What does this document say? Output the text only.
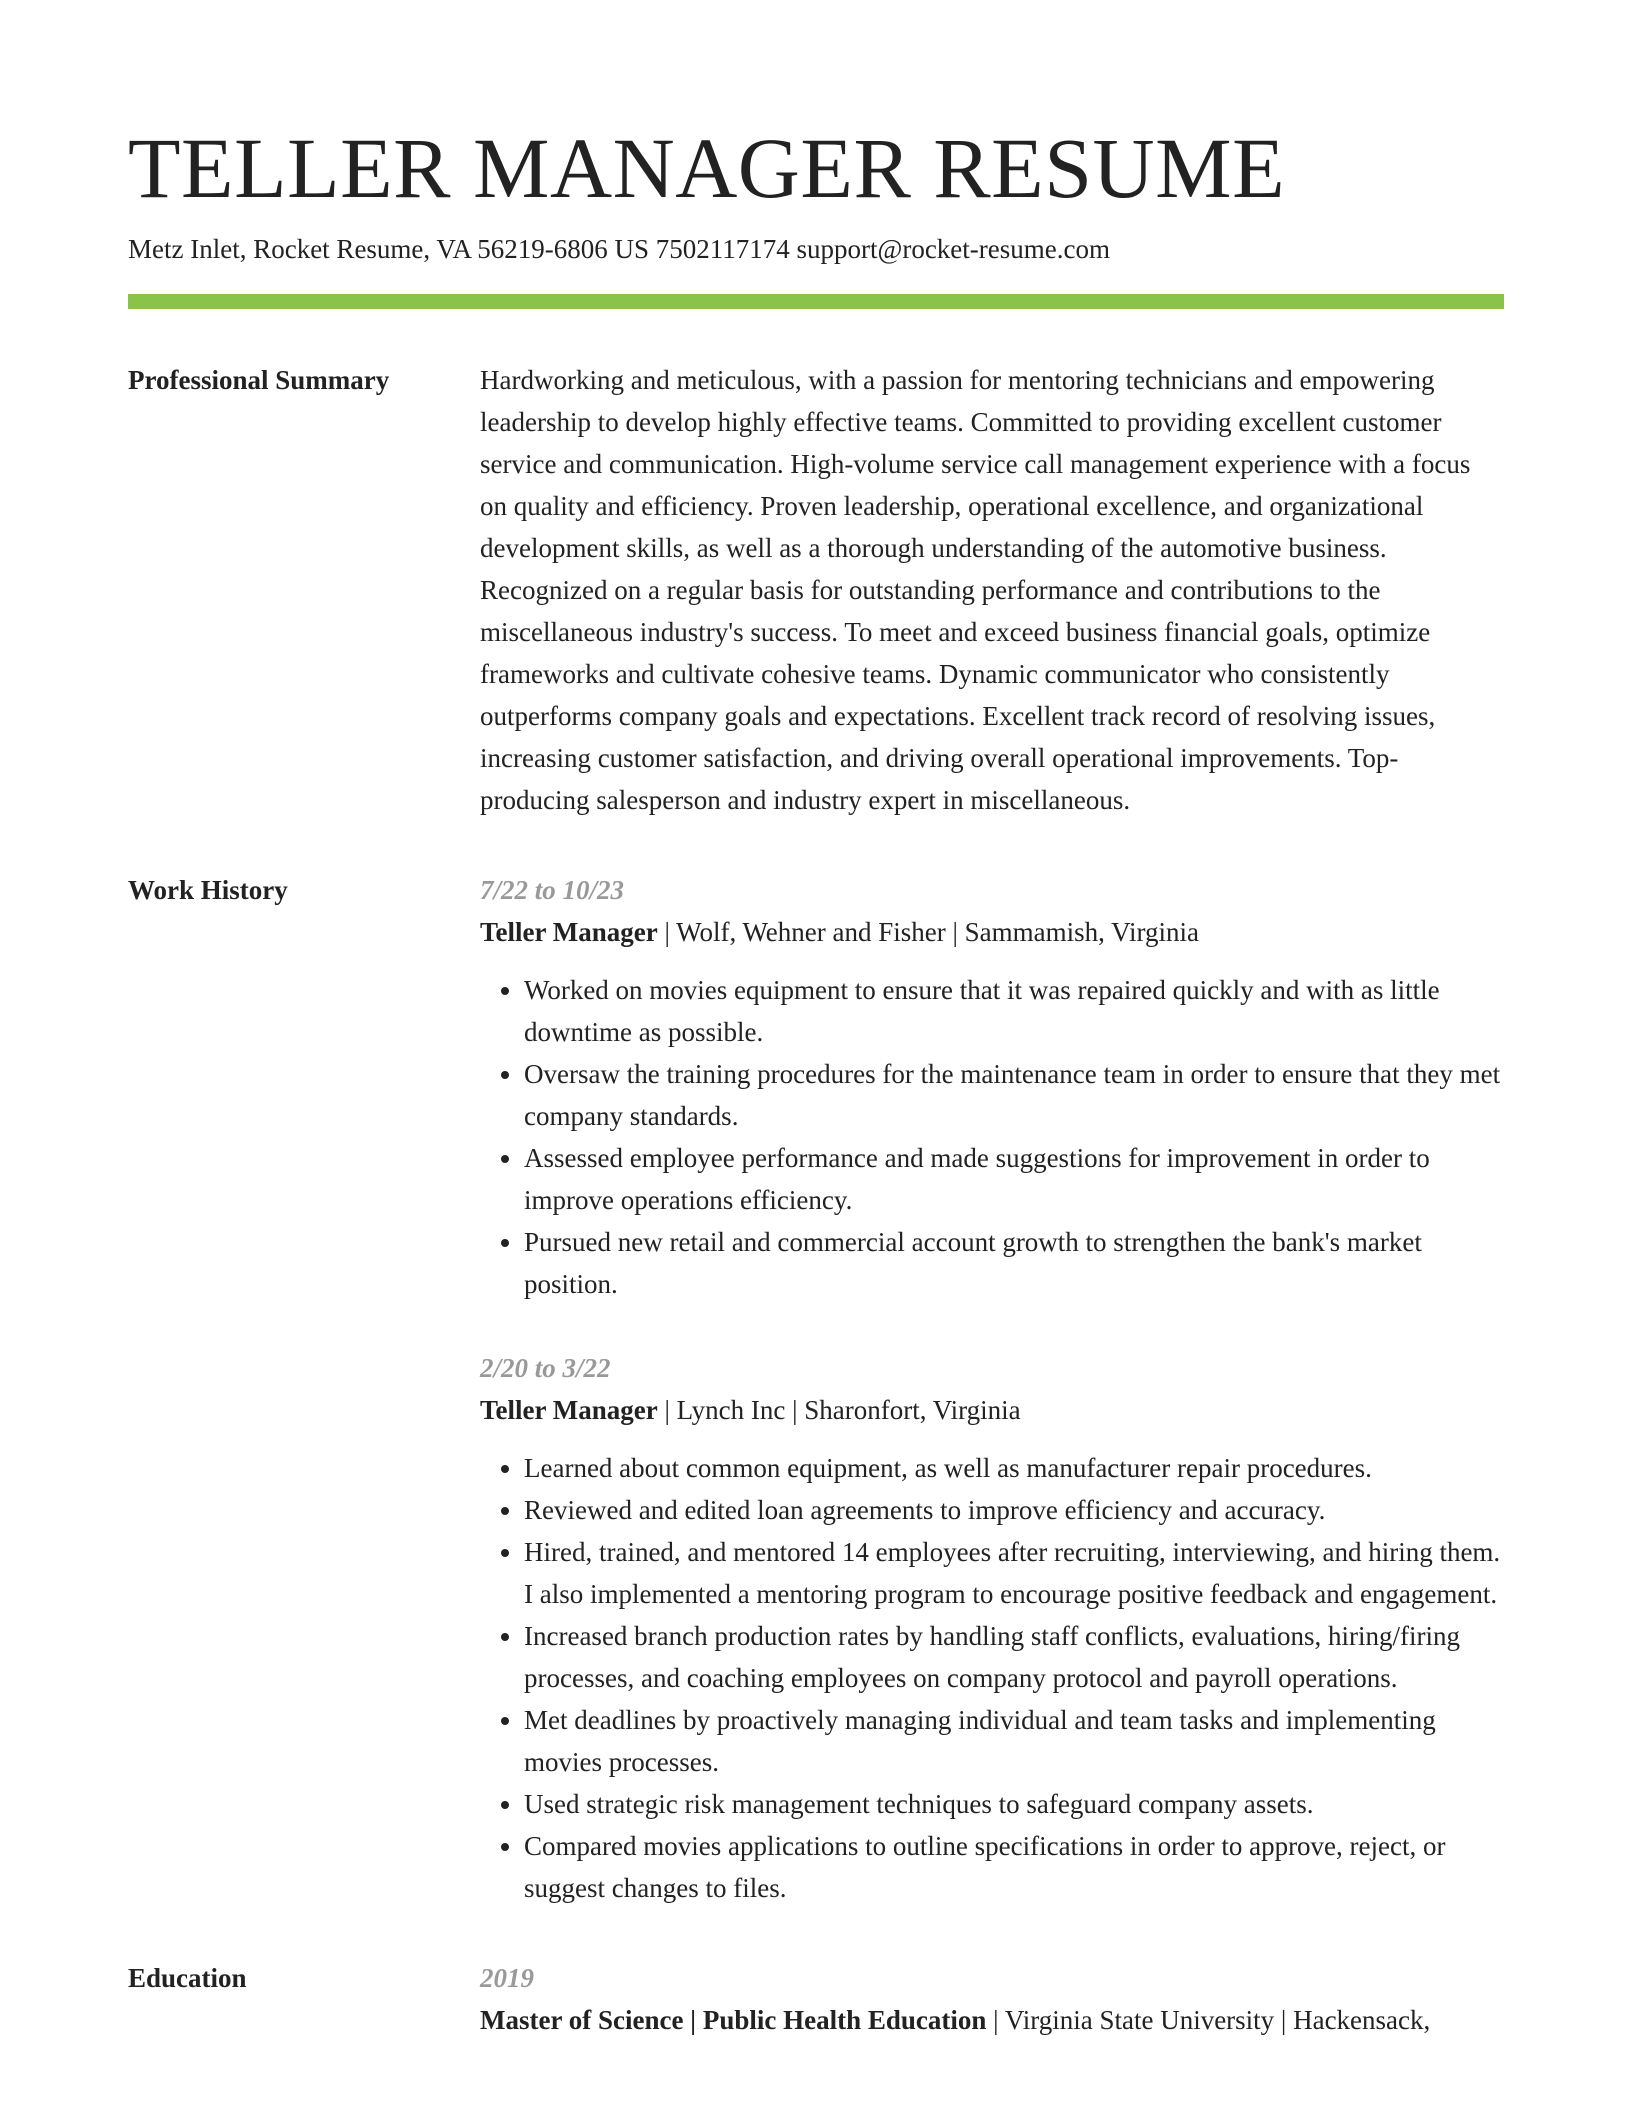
TELLER MANAGER RESUME
Metz Inlet, Rocket Resume, VA 56219-6806 US 7502117174 support@rocket-resume.com
Professional Summary	Hardworking and meticulous, with a passion for mentoring technicians and empowering leadership to develop highly effective teams. Committed to providing excellent customer service and communication. High-volume service call management experience with a focus on quality and efficiency. Proven leadership, operational excellence, and organizational development skills, as well as a thorough understanding of the automotive business. Recognized on a regular basis for outstanding performance and contributions to the miscellaneous industry's success. To meet and exceed business financial goals, optimize frameworks and cultivate cohesive teams. Dynamic communicator who consistently outperforms company goals and expectations. Excellent track record of resolving issues, increasing customer satisfaction, and driving overall operational improvements. Top-producing salesperson and industry expert in miscellaneous.

Work History	7/22 to 10/23
Teller Manager | Wolf, Wehner and Fisher | Sammamish, Virginia
• Worked on movies equipment to ensure that it was repaired quickly and with as little downtime as possible.
• Oversaw the training procedures for the maintenance team in order to ensure that they met company standards.
• Assessed employee performance and made suggestions for improvement in order to improve operations efficiency.
• Pursued new retail and commercial account growth to strengthen the bank's market position.
2/20 to 3/22
Teller Manager | Lynch Inc | Sharonfort, Virginia
• Learned about common equipment, as well as manufacturer repair procedures.
• Reviewed and edited loan agreements to improve efficiency and accuracy.
• Hired, trained, and mentored 14 employees after recruiting, interviewing, and hiring them. I also implemented a mentoring program to encourage positive feedback and engagement.
• Increased branch production rates by handling staff conflicts, evaluations, hiring/firing processes, and coaching employees on company protocol and payroll operations.
• Met deadlines by proactively managing individual and team tasks and implementing movies processes.
• Used strategic risk management techniques to safeguard company assets.
• Compared movies applications to outline specifications in order to approve, reject, or suggest changes to files.
Education	2019
Master of Science | Public Health Education | Virginia State University | Hackensack,
